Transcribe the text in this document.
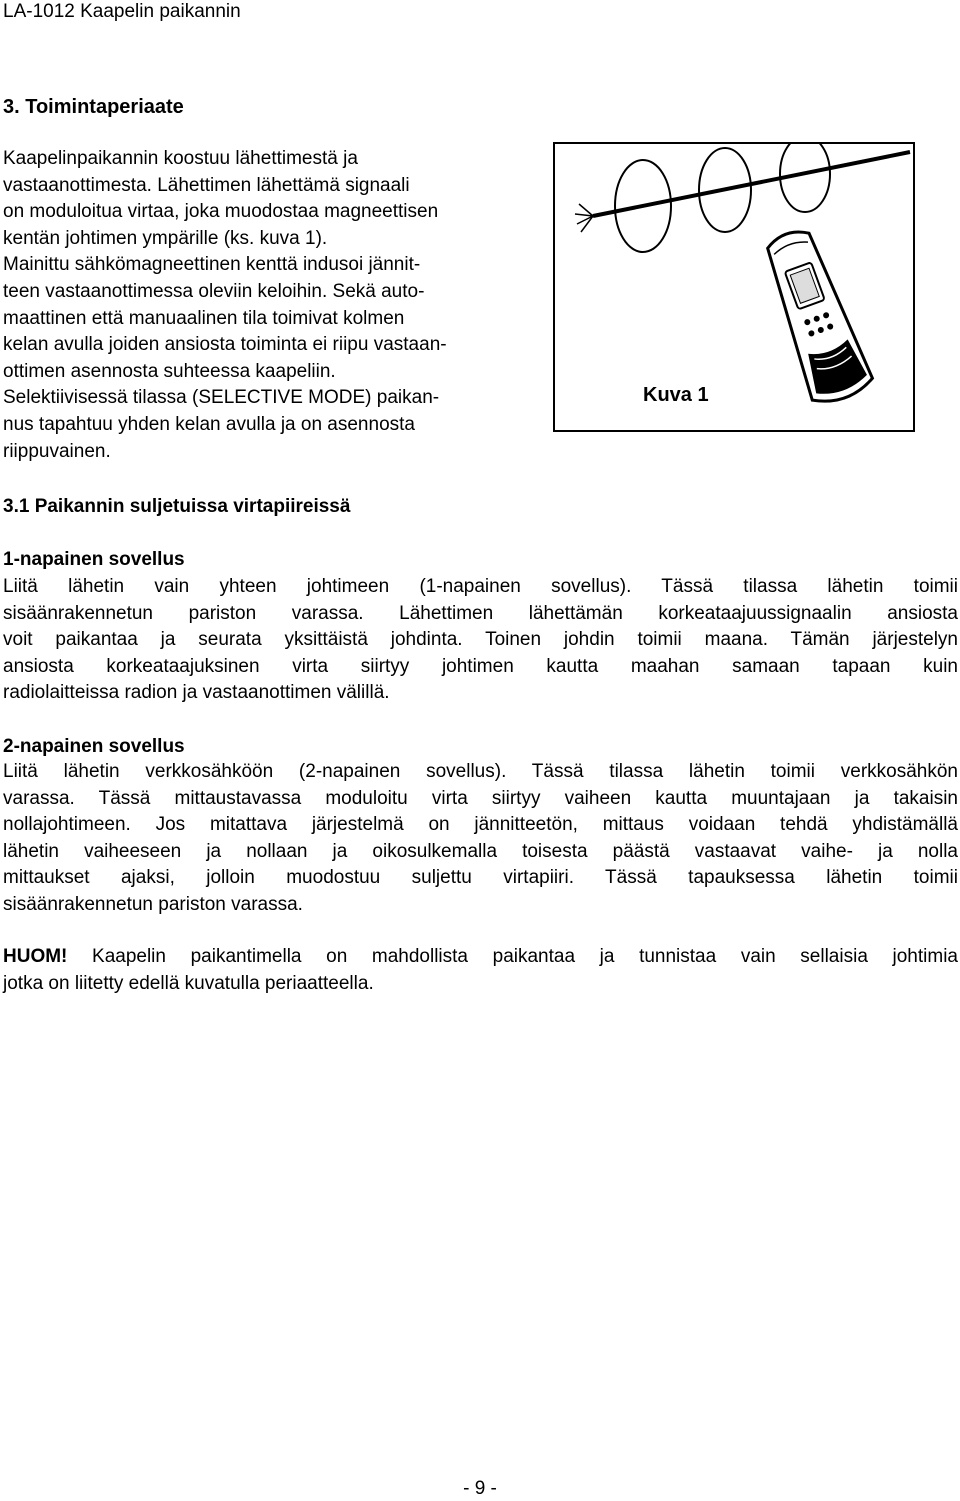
LA-1012 Kaapelin paikannin
3. Toimintaperiaate
Kaapelinpaikannin koostuu lähettimestä ja
vastaanottimesta. Lähettimen lähettämä signaali
on moduloitua virtaa, joka muodostaa magneettisen
kentän johtimen ympärille (ks. kuva 1).
Mainittu sähkömagneettinen kenttä indusoi jännit-
teen vastaanottimessa oleviin keloihin. Sekä auto-
maattinen että manuaalinen tila toimivat kolmen
kelan avulla joiden ansiosta toiminta ei riipu vastaan-
ottimen asennosta suhteessa kaapeliin.
Selektiivisessä tilassa (SELECTIVE MODE) paikan-
nus tapahtuu yhden kelan avulla ja on asennosta
riippuvainen.
Kuva 1
3.1 Paikannin suljetuissa virtapiireissä
1-napainen sovellus
Liitä lähetin vain yhteen johtimeen (1-napainen sovellus). Tässä tilassa lähetin toimii
sisäänrakennetun pariston varassa. Lähettimen lähettämän korkeataajuussignaalin ansiosta
voit paikantaa ja seurata yksittäistä johdinta. Toinen johdin toimii maana. Tämän järjestelyn
ansiosta korkeataajuksinen virta siirtyy johtimen kautta maahan samaan tapaan kuin
radiolaitteissa radion ja vastaanottimen välillä.
2-napainen sovellus
Liitä lähetin verkkosähköön (2-napainen sovellus). Tässä tilassa lähetin toimii verkkosähkön
varassa. Tässä mittaustavassa moduloitu virta siirtyy vaiheen kautta muuntajaan ja takaisin
nollajohtimeen. Jos mitattava järjestelmä on jännitteetön, mittaus voidaan tehdä yhdistämällä
lähetin vaiheeseen ja nollaan ja oikosulkemalla toisesta päästä vastaavat vaihe- ja nolla
mittaukset ajaksi, jolloin muodostuu suljettu virtapiiri. Tässä tapauksessa lähetin toimii
sisäänrakennetun pariston varassa.
HUOM! Kaapelin paikantimella on mahdollista paikantaa ja tunnistaa vain sellaisia johtimia
jotka on liitetty edellä kuvatulla periaatteella.
- 9 -
